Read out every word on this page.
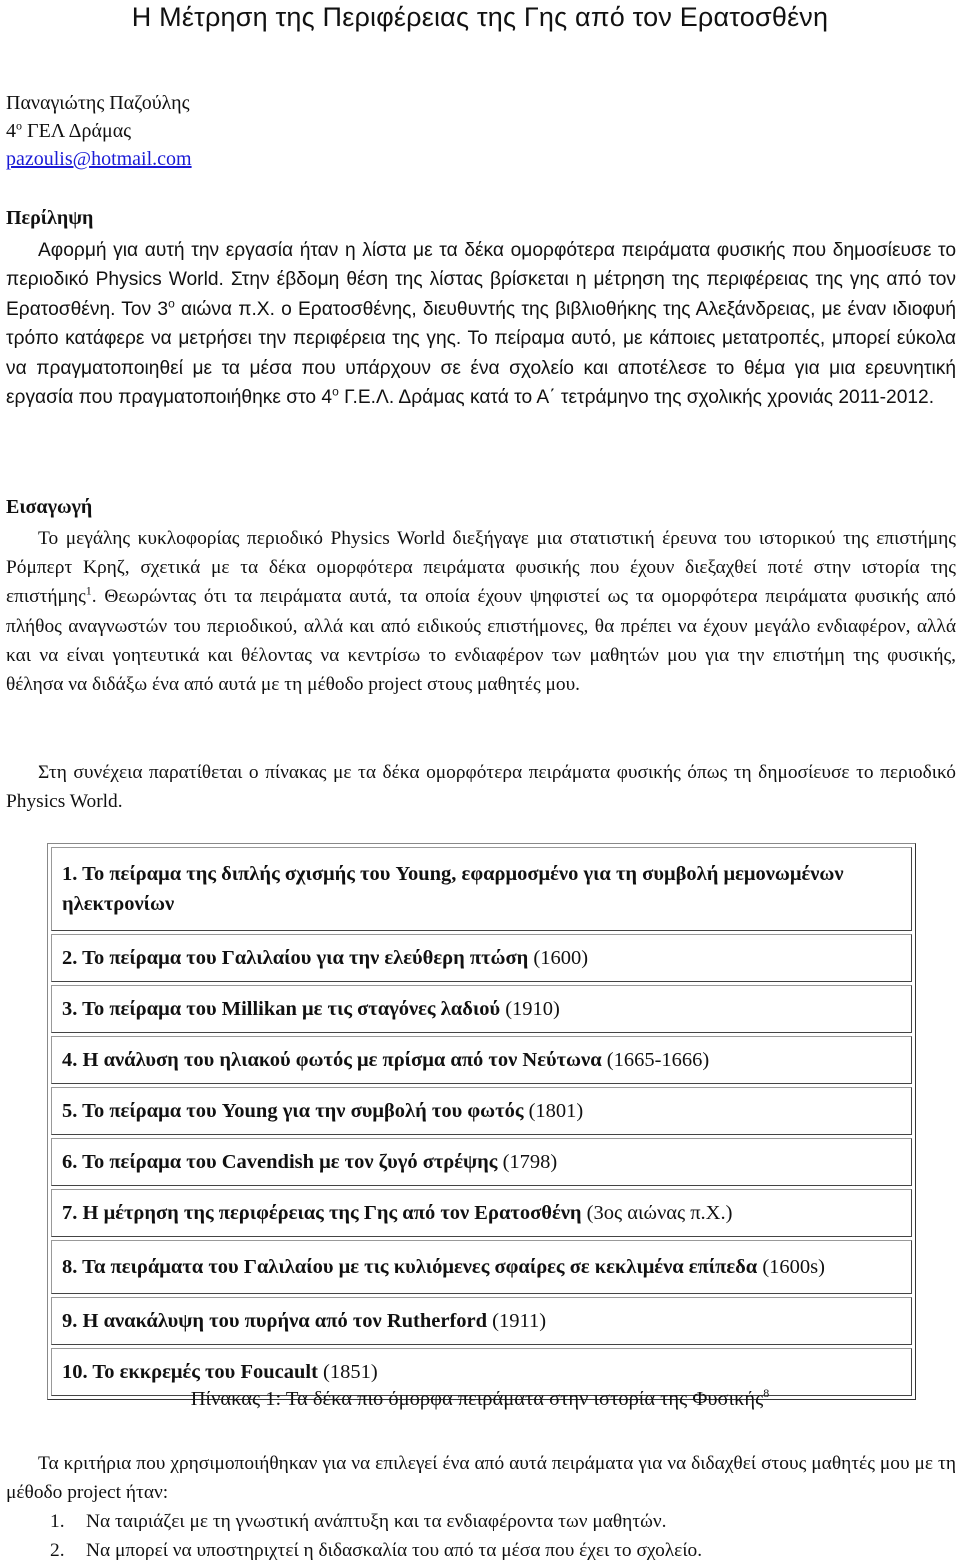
Η Μέτρηση της Περιφέρειας της Γης από τον Ερατοσθένη
Παναγιώτης Παζούλης
$4^o$ ΓΕΛ Δράμας
pazoulis@hotmail.com
Περίληψη

Αφορμή για αυτή την εργασία ήταν η λίστα με τα δέκα ομορφότερα πειράματα φυσικής που δημοσίευσε το περιοδικό Physics World. Στην έβδομη θέση της λίστας βρίσκεται η μέτρηση της περιφέρειας της γης από τον Ερατοσθένη. Τον $3^o$ αιώνα π.Χ. ο Ερατοσθένης, διευθυντής της βιβλιοθήκης της Αλεξάνδρειας, με έναν ιδιοφυή τρόπο κατάφερε να μετρήσει την περιφέρεια της γης. Το πείραμα αυτό, με κάποιες μετατροπές, μπορεί εύκολα να πραγματοποιηθεί με τα μέσα που υπάρχουν σε ένα σχολείο και αποτέλεσε το θέμα για μια ερευνητική εργασία που πραγματοποιήθηκε στο $4^o$ Γ.Ε.Λ. Δράμας κατά το Α΄ τετράμηνο της σχολικής χρονιάς 2011-2012.

Εισαγωγή

Το μεγάλης κυκλοφορίας περιοδικό Physics World διεξήγαγε μια στατιστική έρευνα του ιστορικού της επιστήμης Ρόμπερτ Κρηζ, σχετικά με τα δέκα ομορφότερα πειράματα φυσικής που έχουν διεξαχθεί ποτέ στην ιστορία της επιστήμης$^1$. Θεωρώντας ότι τα πειράματα αυτά, τα οποία έχουν ψηφιστεί ως τα ομορφότερα πειράματα φυσικής από πλήθος αναγνωστών του περιοδικού, αλλά και από ειδικούς επιστήμονες, θα πρέπει να έχουν μεγάλο ενδιαφέρον, αλλά και να είναι γοητευτικά και θέλοντας να κεντρίσω το ενδιαφέρον των μαθητών μου για την επιστήμη της φυσικής, θέλησα να διδάξω ένα από αυτά με τη μέθοδο project στους μαθητές μου.

Στη συνέχεια παρατίθεται ο πίνακας με τα δέκα ομορφότερα πειράματα φυσικής όπως τη δημοσίευσε το περιοδικό Physics World.

1. Το πείραμα της διπλής σχισμής του Young, εφαρμοσμένο για τη συμβολή μεμονωμένων ηλεκτρονίων
2. Το πείραμα του Γαλιλαίου για την ελεύθερη πτώση (1600)
3. Το πείραμα του Millikan με τις σταγόνες λαδιού (1910)
4. Η ανάλυση του ηλιακού φωτός με πρίσμα από τον Νεύτωνα (1665-1666)
5. Το πείραμα του Young για την συμβολή του φωτός (1801)
6. Το πείραμα του Cavendish με τον ζυγό στρέψης (1798)
7. Η μέτρηση της περιφέρειας της Γης από τον Ερατοσθένη (3ος αιώνας π.Χ.)
8. Τα πειράματα του Γαλιλαίου με τις κυλιόμενες σφαίρες σε κεκλιμένα επίπεδα (1600s)
9. Η ανακάλυψη του πυρήνα από τον Rutherford (1911)
10. Το εκκρεμές του Foucault (1851)
Πίνακας 1: Τα δέκα πιο όμορφα πειράματα στην ιστορία της Φυσικής$^8$

Τα κριτήρια που χρησιμοποιήθηκαν για να επιλεγεί ένα από αυτά πειράματα για να διδαχθεί στους μαθητές μου με τη μέθοδο project ήταν:

1. Να ταιριάζει με τη γνωστική ανάπτυξη και τα ενδιαφέροντα των μαθητών.
2. Να μπορεί να υποστηριχτεί η διδασκαλία του από τα μέσα που έχει το σχολείο.
